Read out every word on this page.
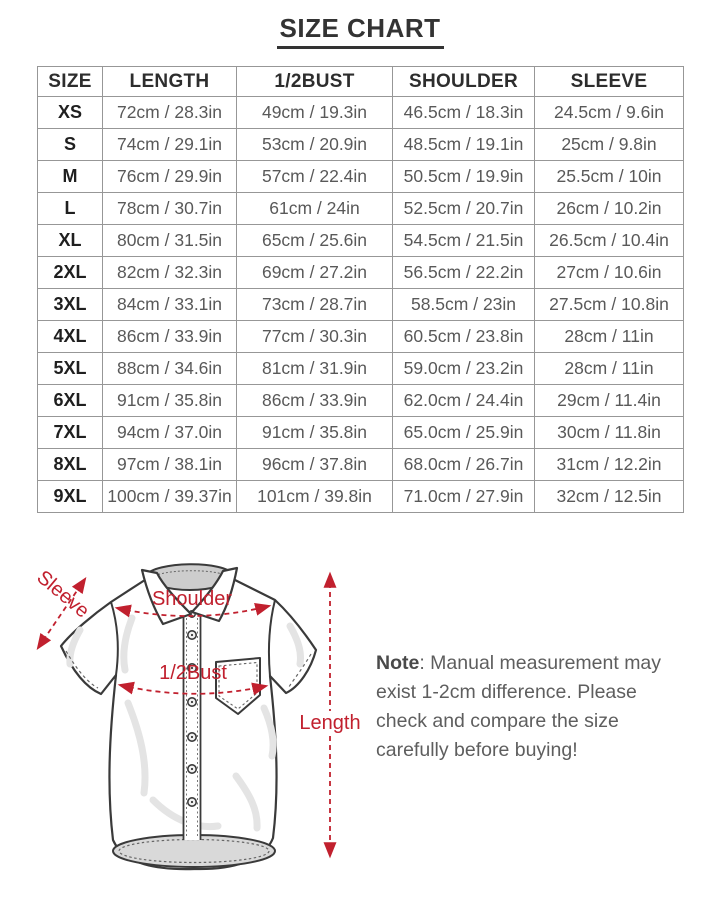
SIZE CHART
SIZE	LENGTH	1/2BUST	SHOULDER	SLEEVE
XS	72cm / 28.3in	49cm / 19.3in	46.5cm / 18.3in	24.5cm / 9.6in
S	74cm / 29.1in	53cm / 20.9in	48.5cm / 19.1in	25cm / 9.8in
M	76cm / 29.9in	57cm / 22.4in	50.5cm / 19.9in	25.5cm / 10in
L	78cm / 30.7in	61cm / 24in	52.5cm / 20.7in	26cm / 10.2in
XL	80cm / 31.5in	65cm / 25.6in	54.5cm / 21.5in	26.5cm / 10.4in
2XL	82cm / 32.3in	69cm / 27.2in	56.5cm / 22.2in	27cm / 10.6in
3XL	84cm / 33.1in	73cm / 28.7in	58.5cm / 23in	27.5cm / 10.8in
4XL	86cm / 33.9in	77cm / 30.3in	60.5cm / 23.8in	28cm / 11in
5XL	88cm / 34.6in	81cm / 31.9in	59.0cm / 23.2in	28cm / 11in
6XL	91cm / 35.8in	86cm / 33.9in	62.0cm / 24.4in	29cm / 11.4in
7XL	94cm / 37.0in	91cm / 35.8in	65.0cm / 25.9in	30cm / 11.8in
8XL	97cm / 38.1in	96cm / 37.8in	68.0cm / 26.7in	31cm / 12.2in
9XL	100cm / 39.37in	101cm / 39.8in	71.0cm / 27.9in	32cm / 12.5in
Sleeve	Shoulder
1/2Bust
Length
Note: Manual measurement may
exist 1-2cm difference. Please
check and compare the size
carefully before buying!
